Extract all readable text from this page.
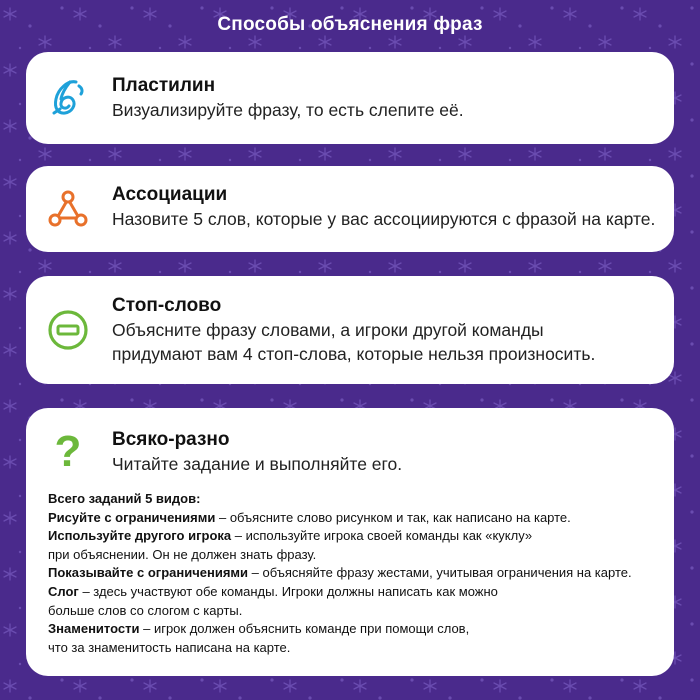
Способы объяснения фраз
Пластилин
Визуализируйте фразу, то есть слепите её.
Ассоциации
Назовите 5 слов, которые у вас ассоциируются с фразой на карте.
Стоп-слово
Объясните фразу словами, а игроки другой команды
придумают вам 4 стоп-слова, которые нельзя произносить.
? Всяко-разно
Читайте задание и выполняйте его.
Всего заданий 5 видов:
Рисуйте с ограничениями – объясните слово рисунком и так, как написано на карте.
Используйте другого игрока – используйте игрока своей команды как «куклу»
при объяснении. Он не должен знать фразу.
Показывайте с ограничениями – объясняйте фразу жестами, учитывая ограничения на карте.
Слог – здесь участвуют обе команды. Игроки должны написать как можно
больше слов со слогом с карты.
Знаменитости – игрок должен объяснить команде при помощи слов,
что за знаменитость написана на карте.
